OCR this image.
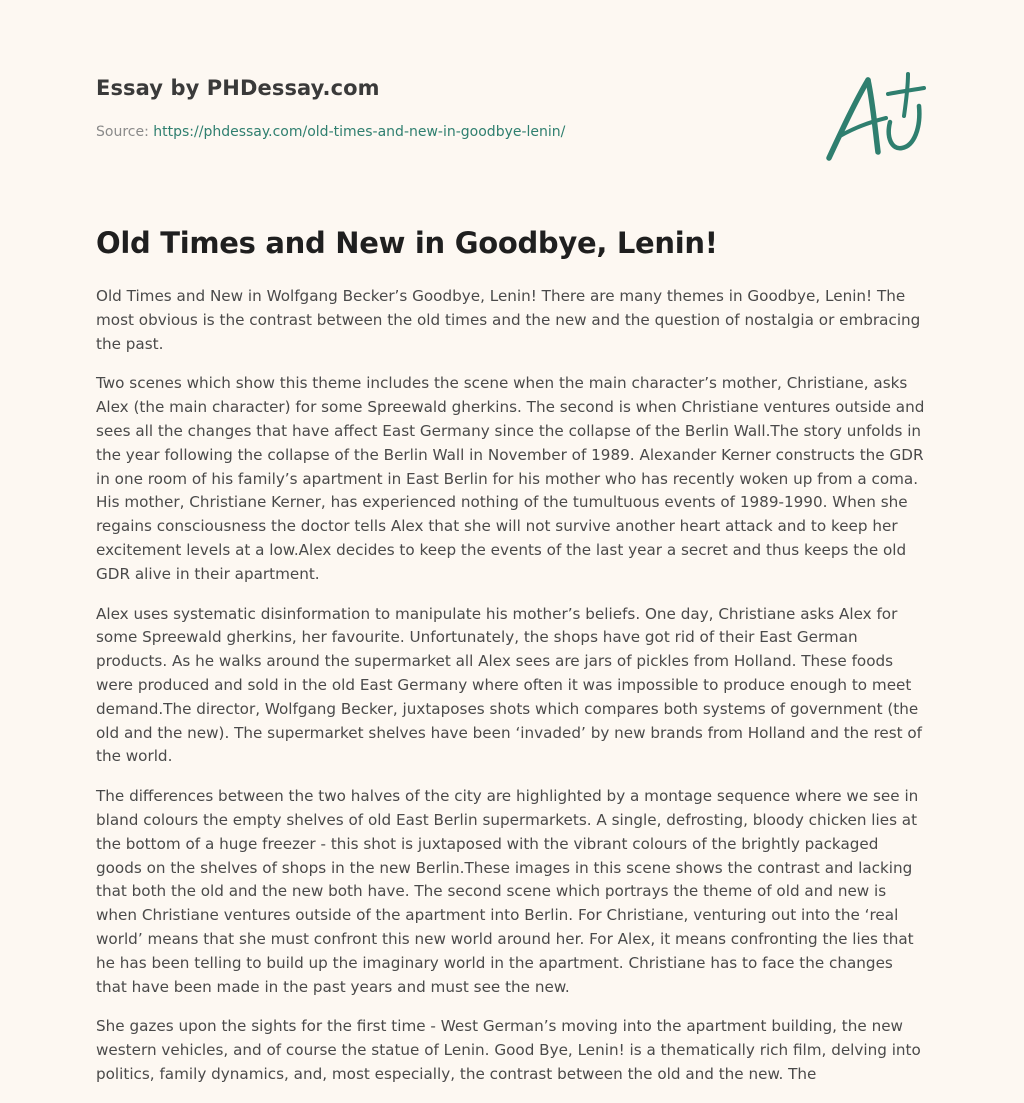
Essay by PHDessay.com

Source: https://phdessay.com/old-times-and-new-in-goodbye-lenin/

Old Times and New in Goodbye, Lenin!

Old Times and New in Wolfgang Becker’s Goodbye, Lenin! There are many themes in Goodbye, Lenin! The most obvious is the contrast between the old times and the new and the question of nostalgia or embracing the past.

Two scenes which show this theme includes the scene when the main character’s mother, Christiane, asks Alex (the main character) for some Spreewald gherkins. The second is when Christiane ventures outside and sees all the changes that have affect East Germany since the collapse of the Berlin Wall.The story unfolds in the year following the collapse of the Berlin Wall in November of 1989. Alexander Kerner constructs the GDR in one room of his family’s apartment in East Berlin for his mother who has recently woken up from a coma. His mother, Christiane Kerner, has experienced nothing of the tumultuous events of 1989-1990. When she regains consciousness the doctor tells Alex that she will not survive another heart attack and to keep her excitement levels at a low.Alex decides to keep the events of the last year a secret and thus keeps the old GDR alive in their apartment.

Alex uses systematic disinformation to manipulate his mother’s beliefs. One day, Christiane asks Alex for some Spreewald gherkins, her favourite. Unfortunately, the shops have got rid of their East German products. As he walks around the supermarket all Alex sees are jars of pickles from Holland. These foods were produced and sold in the old East Germany where often it was impossible to produce enough to meet demand.The director, Wolfgang Becker, juxtaposes shots which compares both systems of government (the old and the new). The supermarket shelves have been ‘invaded’ by new brands from Holland and the rest of the world.

The differences between the two halves of the city are highlighted by a montage sequence where we see in bland colours the empty shelves of old East Berlin supermarkets. A single, defrosting, bloody chicken lies at the bottom of a huge freezer - this shot is juxtaposed with the vibrant colours of the brightly packaged goods on the shelves of shops in the new Berlin.These images in this scene shows the contrast and lacking that both the old and the new both have. The second scene which portrays the theme of old and new is when Christiane ventures outside of the apartment into Berlin. For Christiane, venturing out into the ‘real world’ means that she must confront this new world around her. For Alex, it means confronting the lies that he has been telling to build up the imaginary world in the apartment. Christiane has to face the changes that have been made in the past years and must see the new.

She gazes upon the sights for the first time - West German’s moving into the apartment building, the new western vehicles, and of course the statue of Lenin. Good Bye, Lenin! is a thematically rich film, delving into politics, family dynamics, and, most especially, the contrast between the old and the new. The
